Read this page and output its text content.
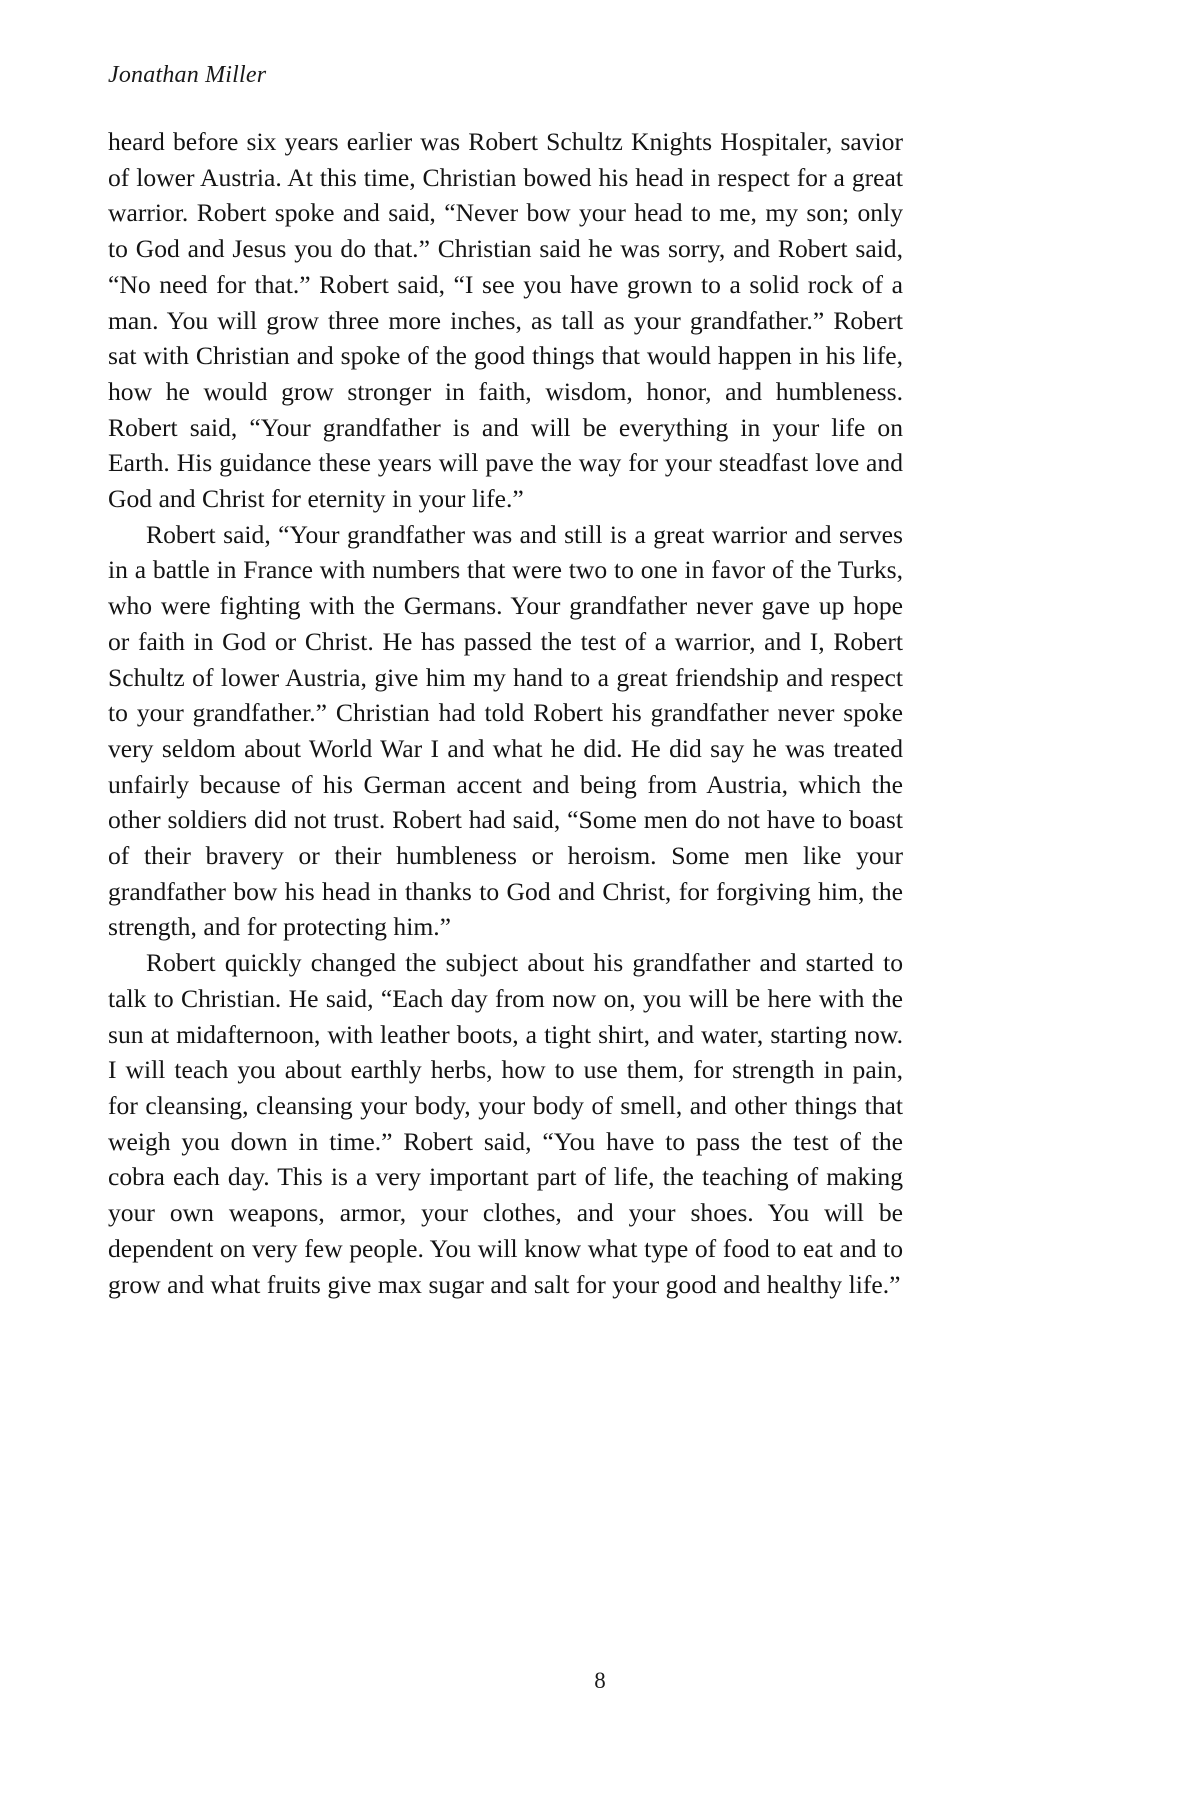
Jonathan Miller

heard before six years earlier was Robert Schultz Knights Hospitaler, savior of lower Austria. At this time, Christian bowed his head in respect for a great warrior. Robert spoke and said, “Never bow your head to me, my son; only to God and Jesus you do that.” Christian said he was sorry, and Robert said, “No need for that.” Robert said, “I see you have grown to a solid rock of a man. You will grow three more inches, as tall as your grandfather.” Robert sat with Christian and spoke of the good things that would happen in his life, how he would grow stronger in faith, wisdom, honor, and humbleness. Robert said, “Your grandfather is and will be everything in your life on Earth. His guidance these years will pave the way for your steadfast love and God and Christ for eternity in your life.”

Robert said, “Your grandfather was and still is a great warrior and serves in a battle in France with numbers that were two to one in favor of the Turks, who were fighting with the Germans. Your grandfather never gave up hope or faith in God or Christ. He has passed the test of a warrior, and I, Robert Schultz of lower Austria, give him my hand to a great friendship and respect to your grandfather.” Christian had told Robert his grandfather never spoke very seldom about World War I and what he did. He did say he was treated unfairly because of his German accent and being from Austria, which the other soldiers did not trust. Robert had said, “Some men do not have to boast of their bravery or their humbleness or heroism. Some men like your grandfather bow his head in thanks to God and Christ, for forgiving him, the strength, and for protecting him.”

Robert quickly changed the subject about his grandfather and started to talk to Christian. He said, “Each day from now on, you will be here with the sun at midafternoon, with leather boots, a tight shirt, and water, starting now. I will teach you about earthly herbs, how to use them, for strength in pain, for cleansing, cleansing your body, your body of smell, and other things that weigh you down in time.” Robert said, “You have to pass the test of the cobra each day. This is a very important part of life, the teaching of making your own weapons, armor, your clothes, and your shoes. You will be dependent on very few people. You will know what type of food to eat and to grow and what fruits give max sugar and salt for your good and healthy life.”

8
